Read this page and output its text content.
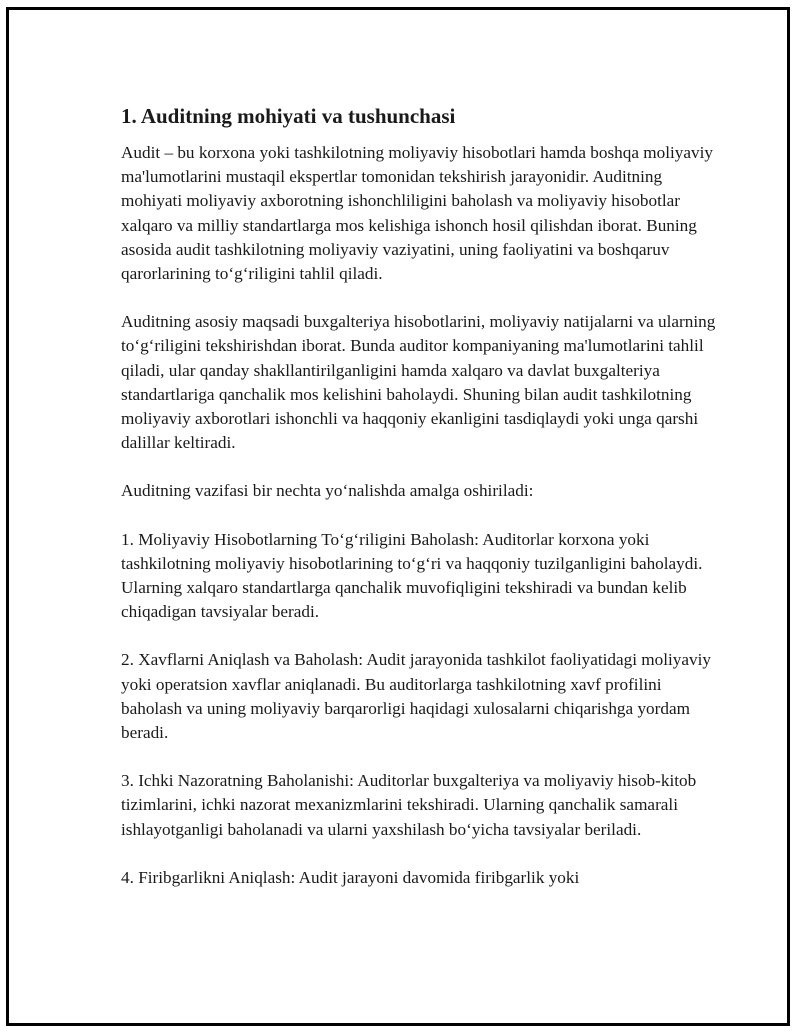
1. Auditning mohiyati va tushunchasi

Audit – bu korxona yoki tashkilotning moliyaviy hisobotlari hamda boshqa moliyaviy ma'lumotlarini mustaqil ekspertlar tomonidan tekshirish jarayonidir. Auditning mohiyati moliyaviy axborotning ishonchliligini baholash va moliyaviy hisobotlar xalqaro va milliy standartlarga mos kelishiga ishonch hosil qilishdan iborat. Buning asosida audit tashkilotning moliyaviy vaziyatini, uning faoliyatini va boshqaruv qarorlarining to‘g‘riligini tahlil qiladi.

Auditning asosiy maqsadi buxgalteriya hisobotlarini, moliyaviy natijalarni va ularning to‘g‘riligini tekshirishdan iborat. Bunda auditor kompaniyaning ma'lumotlarini tahlil qiladi, ular qanday shakllantirilganligini hamda xalqaro va davlat buxgalteriya standartlariga qanchalik mos kelishini baholaydi. Shuning bilan audit tashkilotning moliyaviy axborotlari ishonchli va haqqoniy ekanligini tasdiqlaydi yoki unga qarshi dalillar keltiradi.

Auditning vazifasi bir nechta yo‘nalishda amalga oshiriladi:

1. Moliyaviy Hisobotlarning To‘g‘riligini Baholash: Auditorlar korxona yoki tashkilotning moliyaviy hisobotlarining to‘g‘ri va haqqoniy tuzilganligini baholaydi. Ularning xalqaro standartlarga qanchalik muvofiqligini tekshiradi va bundan kelib chiqadigan tavsiyalar beradi.

2. Xavflarni Aniqlash va Baholash: Audit jarayonida tashkilot faoliyatidagi moliyaviy yoki operatsion xavflar aniqlanadi. Bu auditorlarga tashkilotning xavf profilini baholash va uning moliyaviy barqarorligi haqidagi xulosalarni chiqarishga yordam beradi.

3. Ichki Nazoratning Baholanishi: Auditorlar buxgalteriya va moliyaviy hisob-kitob tizimlarini, ichki nazorat mexanizmlarini tekshiradi. Ularning qanchalik samarali ishlayotganligi baholanadi va ularni yaxshilash bo‘yicha tavsiyalar beriladi.

4. Firibgarlikni Aniqlash: Audit jarayoni davomida firibgarlik yoki
